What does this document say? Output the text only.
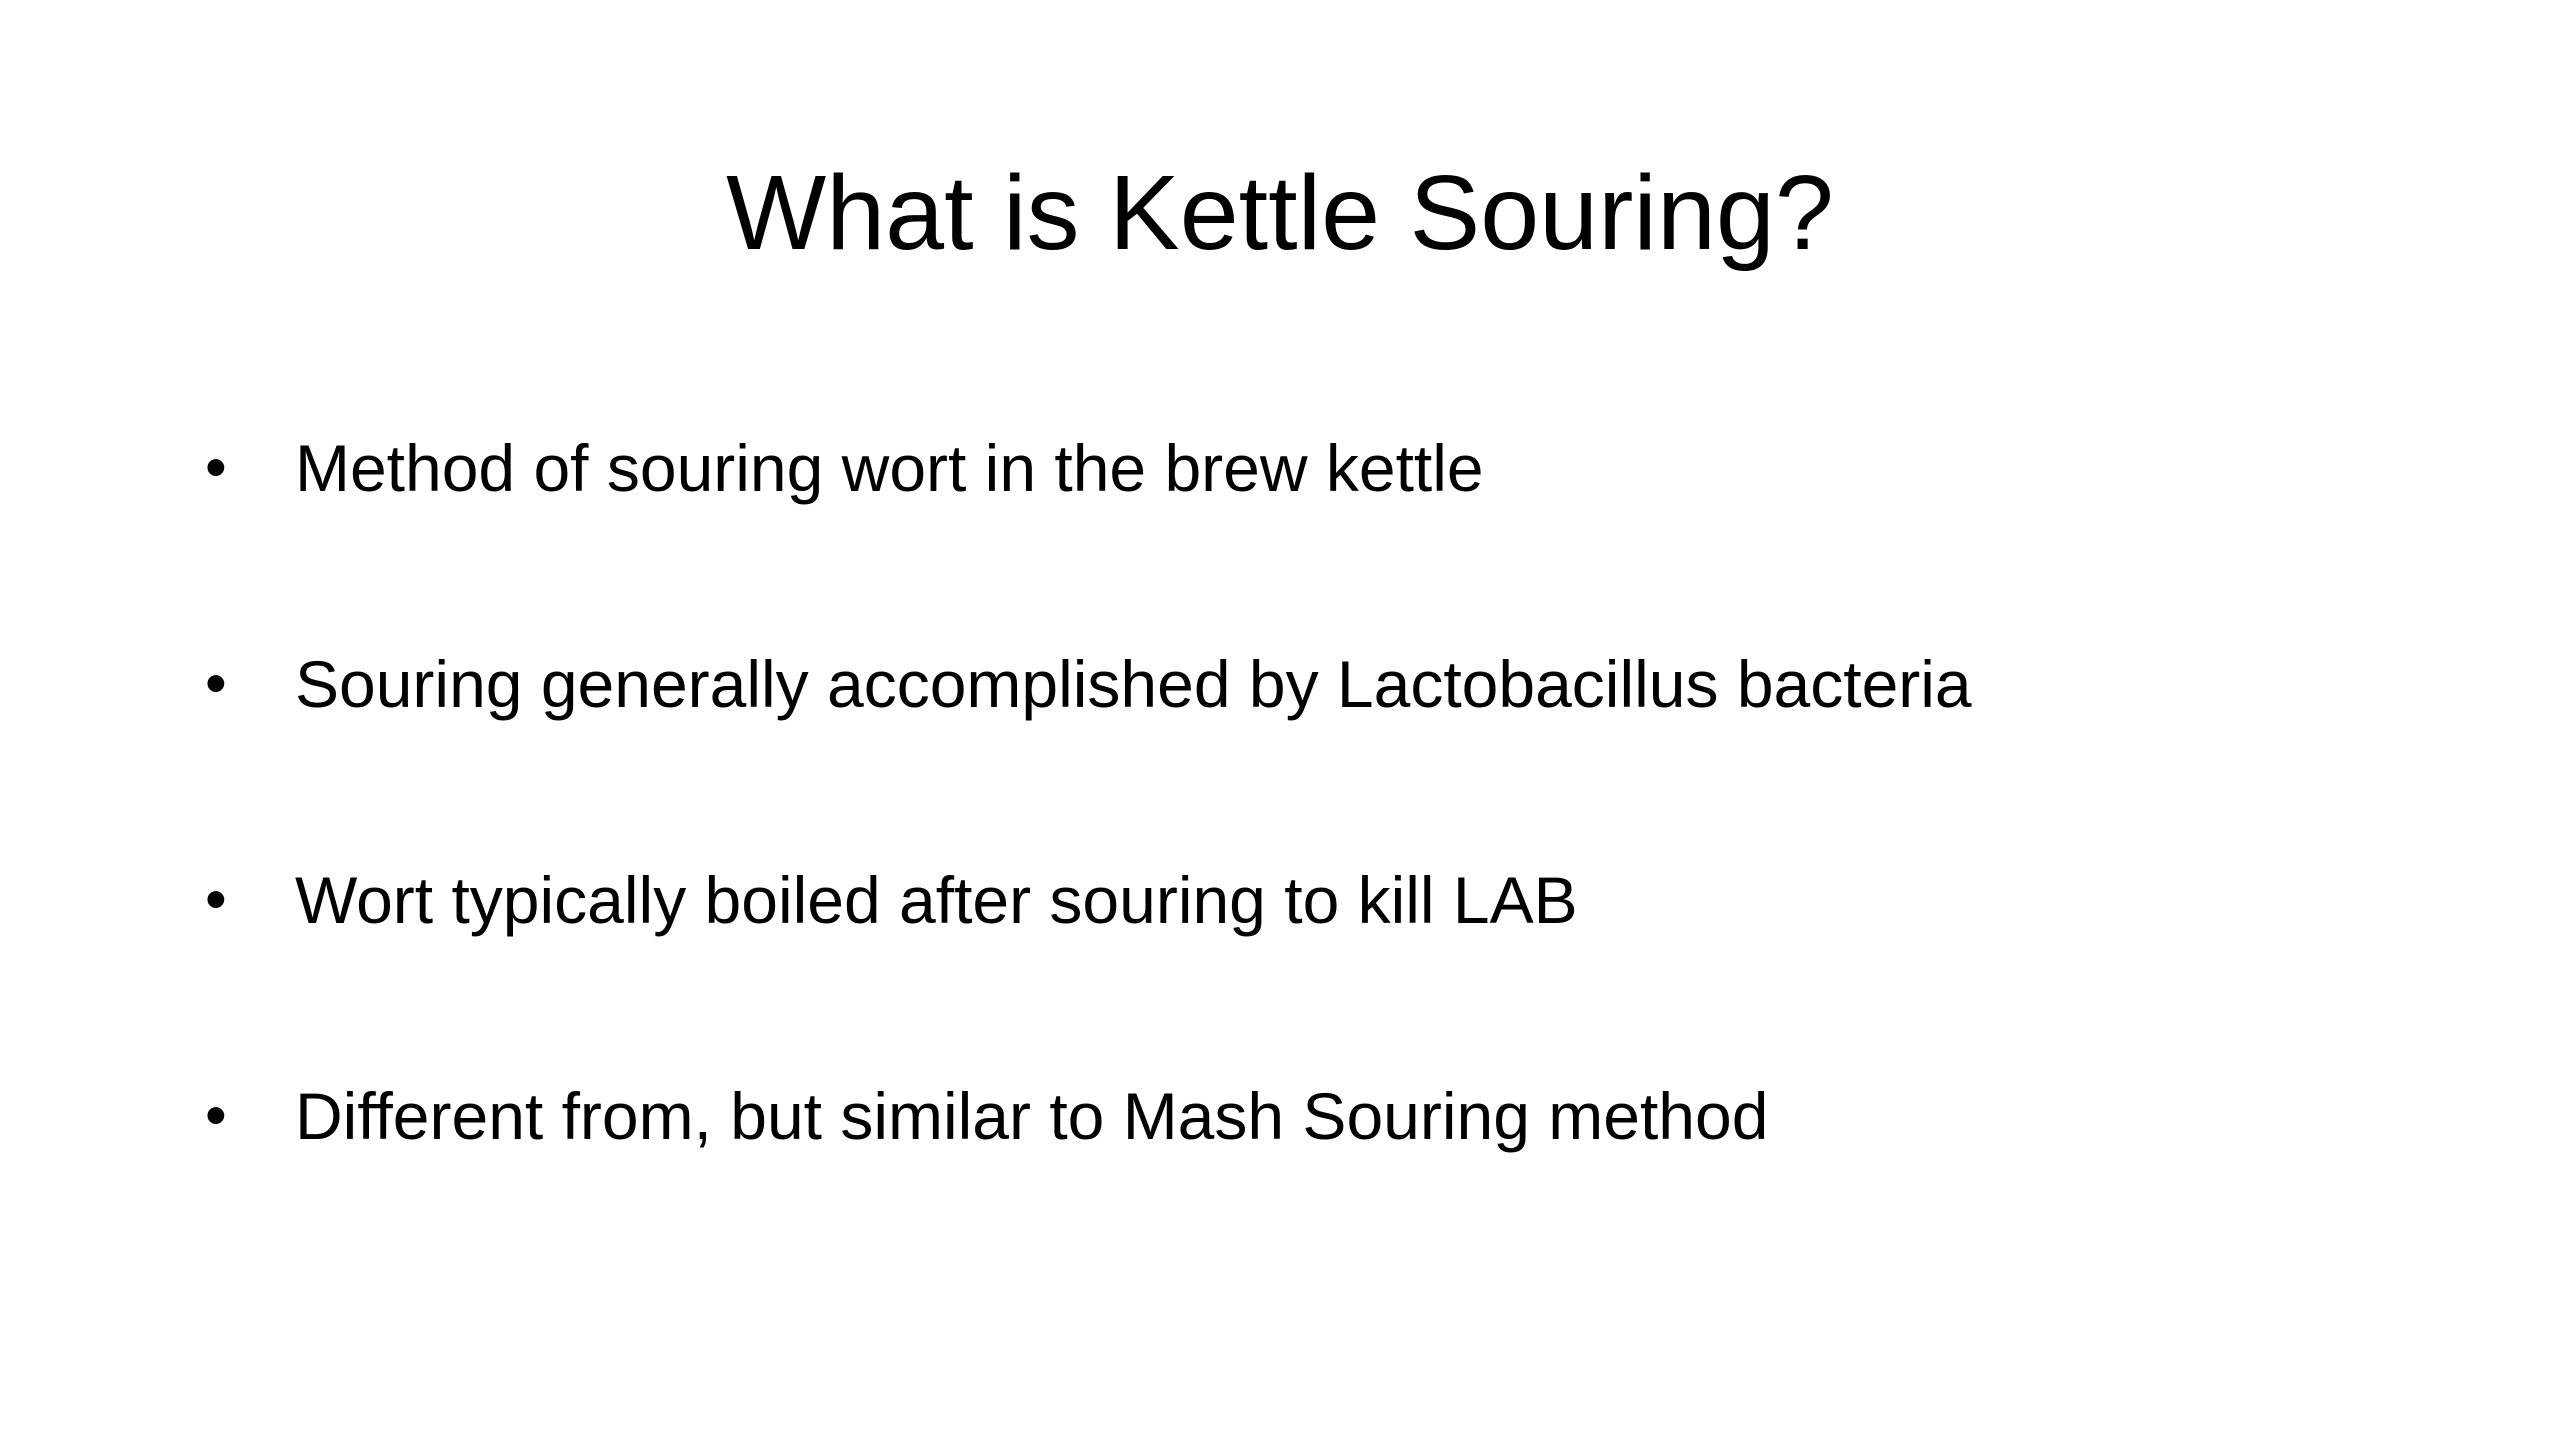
What is Kettle Souring?
•	Method of souring wort in the brew kettle
•	Souring generally accomplished by Lactobacillus bacteria
•	Wort typically boiled after souring to kill LAB
•	Different from, but similar to Mash Souring method
